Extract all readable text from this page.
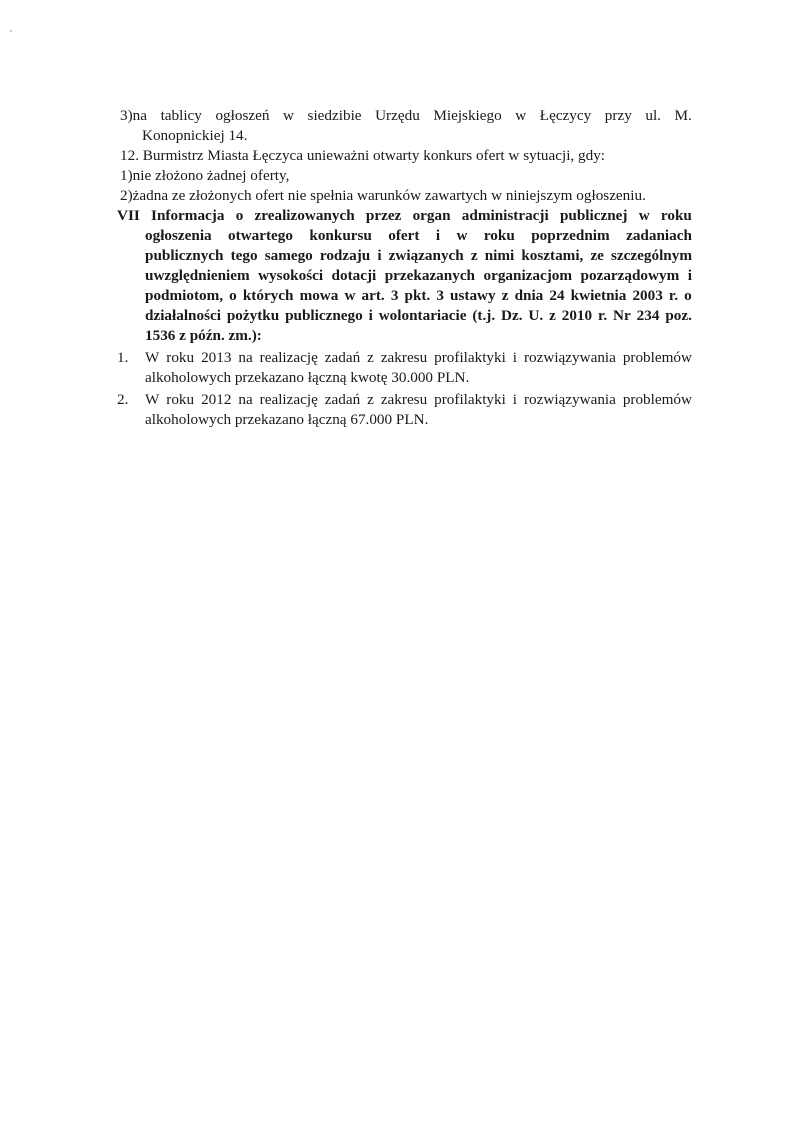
3)na tablicy ogłoszeń w siedzibie Urzędu Miejskiego w Łęczycy przy ul. M.
Konopnickiej 14.
12. Burmistrz Miasta Łęczyca unieważni otwarty konkurs ofert w sytuacji, gdy:
1)nie złożono żadnej oferty,
2)żadna ze złożonych ofert nie spełnia warunków zawartych w niniejszym ogłoszeniu.
VII Informacja o zrealizowanych przez organ administracji publicznej w roku
ogłoszenia otwartego konkursu ofert i w roku poprzednim zadaniach
publicznych tego samego rodzaju i związanych z nimi kosztami, ze szczególnym
uwzględnieniem wysokości dotacji przekazanych organizacjom pozarządowym i
podmiotom, o których mowa w art. 3 pkt. 3 ustawy z dnia 24 kwietnia 2003 r. o
działalności pożytku publicznego i wolontariacie (t.j. Dz. U. z 2010 r. Nr 234 poz.
1536 z późn. zm.):
1. W roku 2013 na realizację zadań z zakresu profilaktyki i rozwiązywania problemów
alkoholowych przekazano łączną kwotę 30.000 PLN.
2. W roku 2012 na realizację zadań z zakresu profilaktyki i rozwiązywania problemów
alkoholowych przekazano łączną 67.000 PLN.
